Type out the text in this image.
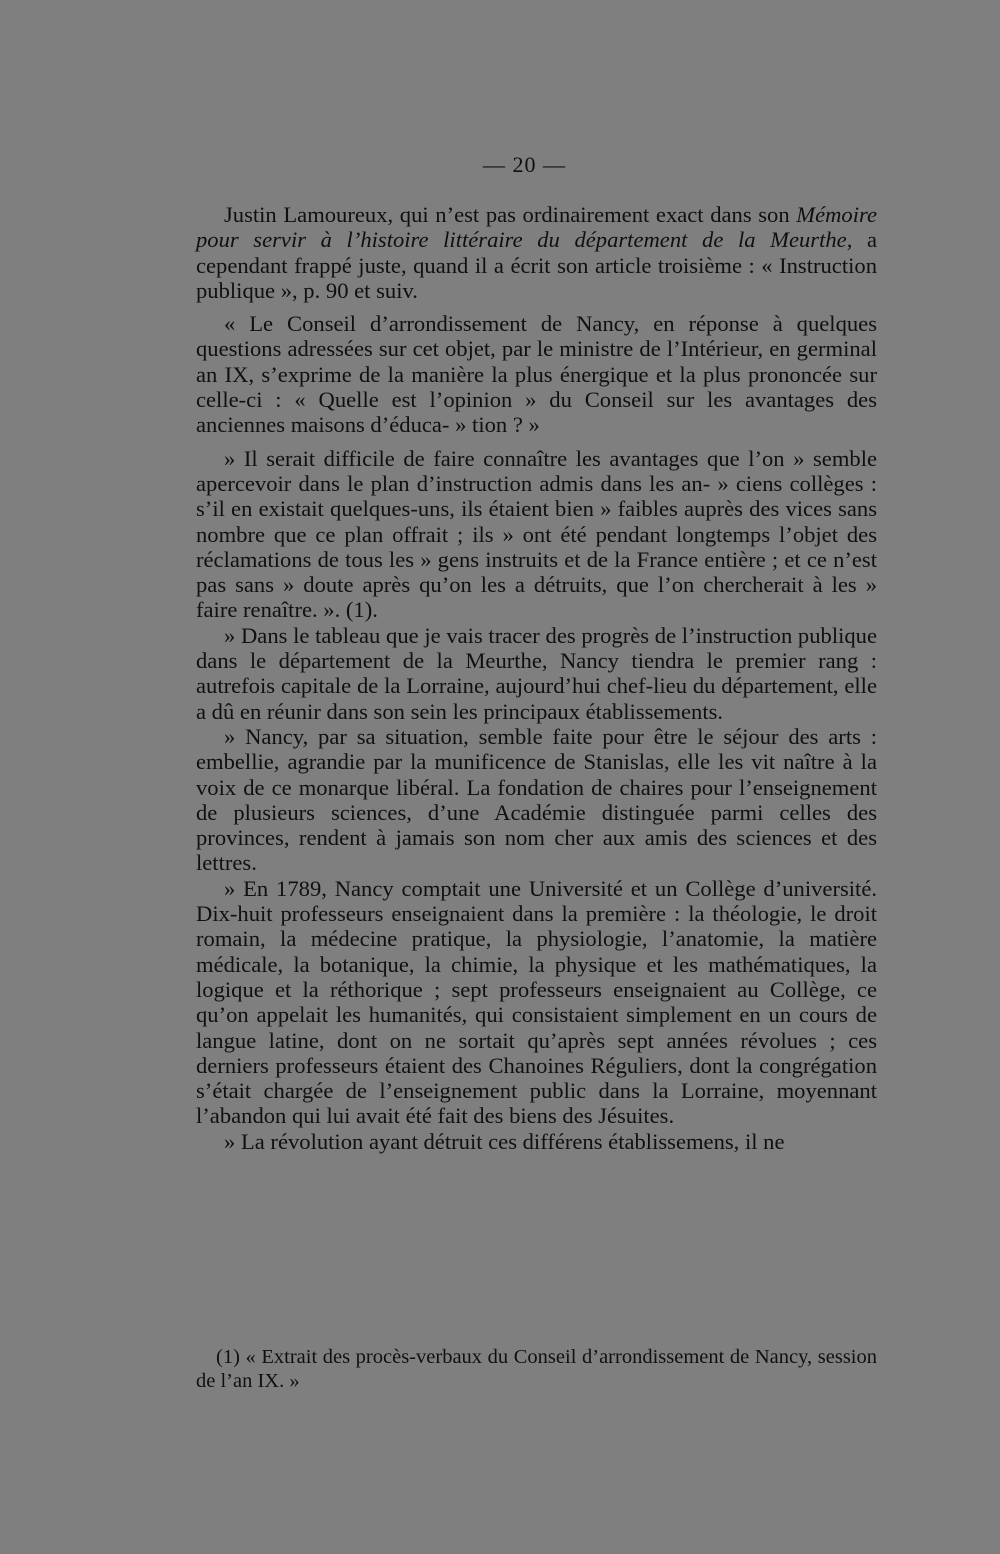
— 20 —

Justin Lamoureux, qui n’est pas ordinairement exact dans son Mémoire pour servir à l’histoire littéraire du département de la Meurthe, a cependant frappé juste, quand il a écrit son article troisième : « Instruction publique », p. 90 et suiv.

« Le Conseil d’arrondissement de Nancy, en réponse à quelques questions adressées sur cet objet, par le ministre de l’Intérieur, en germinal an IX, s’exprime de la manière la plus énergique et la plus prononcée sur celle-ci : « Quelle est l’opinion » du Conseil sur les avantages des anciennes maisons d’éduca- » tion ? »

» Il serait difficile de faire connaître les avantages que l’on » semble apercevoir dans le plan d’instruction admis dans les an- » ciens collèges : s’il en existait quelques-uns, ils étaient bien » faibles auprès des vices sans nombre que ce plan offrait ; ils » ont été pendant longtemps l’objet des réclamations de tous les » gens instruits et de la France entière ; et ce n’est pas sans » doute après qu’on les a détruits, que l’on chercherait à les » faire renaître. ». (1).

» Dans le tableau que je vais tracer des progrès de l’instruction publique dans le département de la Meurthe, Nancy tiendra le premier rang : autrefois capitale de la Lorraine, aujourd’hui chef-lieu du département, elle a dû en réunir dans son sein les principaux établissements.

» Nancy, par sa situation, semble faite pour être le séjour des arts : embellie, agrandie par la munificence de Stanislas, elle les vit naître à la voix de ce monarque libéral. La fondation de chaires pour l’enseignement de plusieurs sciences, d’une Académie distinguée parmi celles des provinces, rendent à jamais son nom cher aux amis des sciences et des lettres.

» En 1789, Nancy comptait une Université et un Collège d’université. Dix-huit professeurs enseignaient dans la première : la théologie, le droit romain, la médecine pratique, la physiologie, l’anatomie, la matière médicale, la botanique, la chimie, la physique et les mathématiques, la logique et la réthorique ; sept professeurs enseignaient au Collège, ce qu’on appelait les humanités, qui consistaient simplement en un cours de langue latine, dont on ne sortait qu’après sept années révolues ; ces derniers professeurs étaient des Chanoines Réguliers, dont la congrégation s’était chargée de l’enseignement public dans la Lorraine, moyennant l’abandon qui lui avait été fait des biens des Jésuites.

» La révolution ayant détruit ces différens établissemens, il ne

(1) « Extrait des procès-verbaux du Conseil d’arrondissement de Nancy, session de l’an IX. »
